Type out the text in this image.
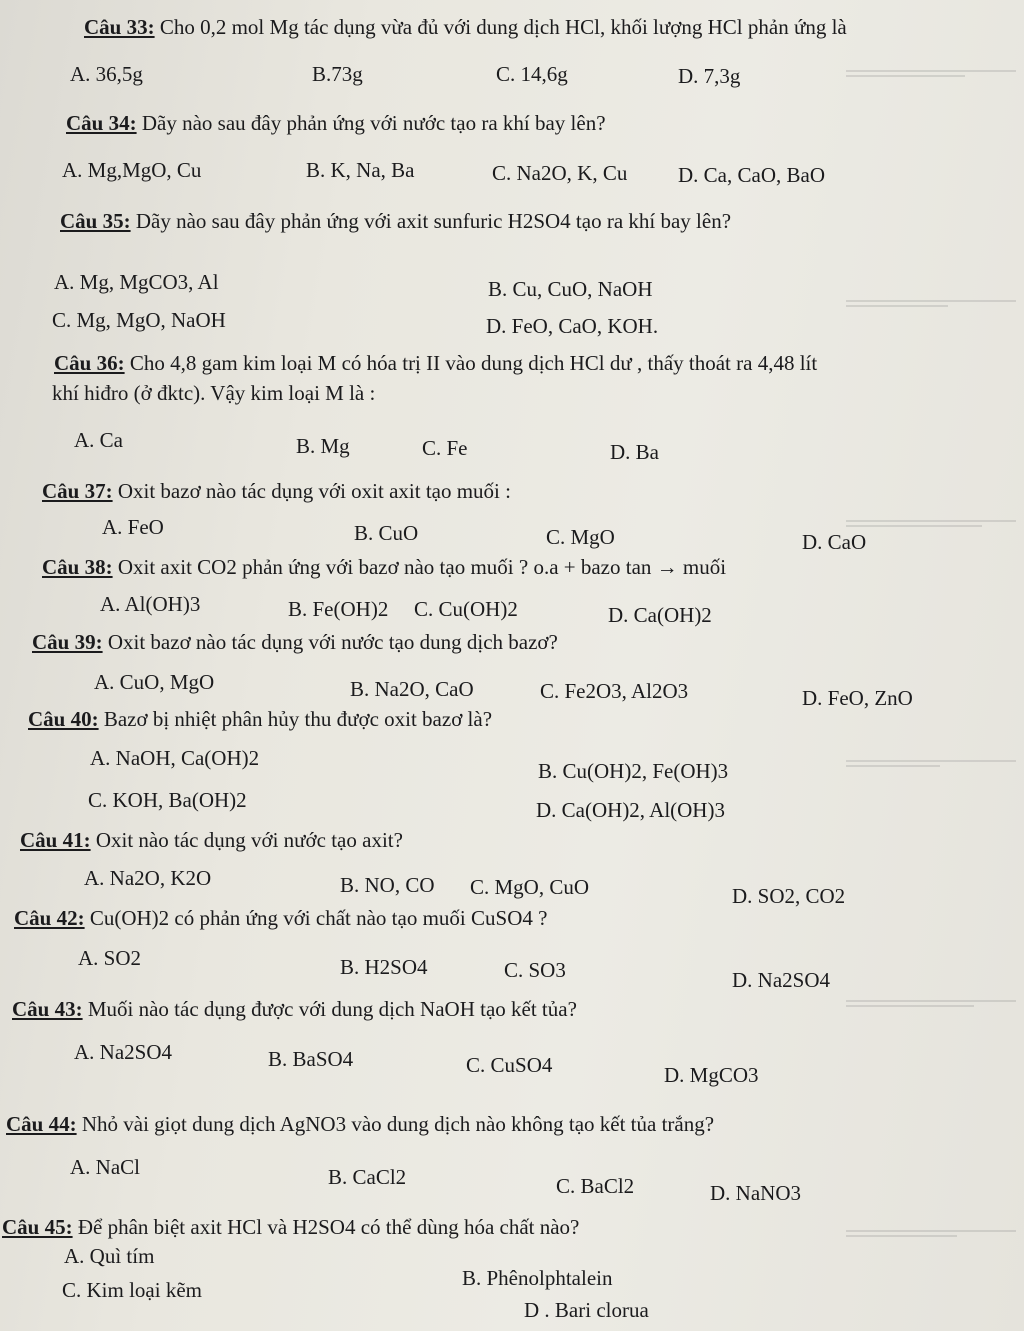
Câu 33: Cho 0,2 mol Mg tác dụng vừa đủ với dung dịch HCl, khối lượng HCl phản ứng là
A. 36,5g	B.73g	C. 14,6g	D. 7,3g
Câu 34: Dãy nào sau đây phản ứng với nước tạo ra khí bay lên?
A. Mg,MgO, Cu	B. K, Na, Ba	C. Na2O, K, Cu D. Ca, CaO, BaO
Câu 35: Dãy nào sau đây phản ứng với axit sunfuric H2SO4 tạo ra khí bay lên?
A. Mg, MgCO3, Al	B. Cu, CuO, NaOH
C. Mg, MgO, NaOH	D. FeO, CaO, KOH.
Câu 36: Cho 4,8 gam kim loại M có hóa trị II vào dung dịch HCl dư , thấy thoát ra 4,48 lít
khí hiđro (ở đktc). Vậy kim loại M là :
A. Ca	B. Mg	C. Fe	D. Ba
Câu 37: Oxit bazơ nào tác dụng với oxit axit tạo muối :
A. FeO	B. CuO	C. MgO	D. CaO
Câu 38: Oxit axit CO2 phản ứng với bazơ nào tạo muối ? o.a + bazo tan → muối
A. Al(OH)3	B. Fe(OH)2 C. Cu(OH)2	D. Ca(OH)2
Câu 39: Oxit bazơ nào tác dụng với nước tạo dung dịch bazơ?
A. CuO, MgO	B. Na2O, CaO	C. Fe2O3, Al2O3	D. FeO, ZnO
Câu 40: Bazơ bị nhiệt phân hủy thu được oxit bazơ là?
A. NaOH, Ca(OH)2
B. Cu(OH)2, Fe(OH)3
C. KOH, Ba(OH)2	D. Ca(OH)2, Al(OH)3
Câu 41: Oxit nào tác dụng với nước tạo axit?
A. Na2O, K2O	B. NO, CO C. MgO, CuO	D. SO2, CO2
Câu 42: Cu(OH)2 có phản ứng với chất nào tạo muối CuSO4 ?
A. SO2	B. H2SO4	C. SO3	D. Na2SO4
Câu 43: Muối nào tác dụng được với dung dịch NaOH tạo kết tủa?
A. Na2SO4	B. BaSO4	C. CuSO4	D. MgCO3
Câu 44: Nhỏ vài giọt dung dịch AgNO3 vào dung dịch nào không tạo kết tủa trắng?
A. NaCl	B. CaCl2	C. BaCl2	D. NaNO3
Câu 45: Để phân biệt axit HCl và H2SO4 có thể dùng hóa chất nào?
A. Quì tím
B. Phênolphtalein
C. Kim loại kẽm
D . Bari clorua
